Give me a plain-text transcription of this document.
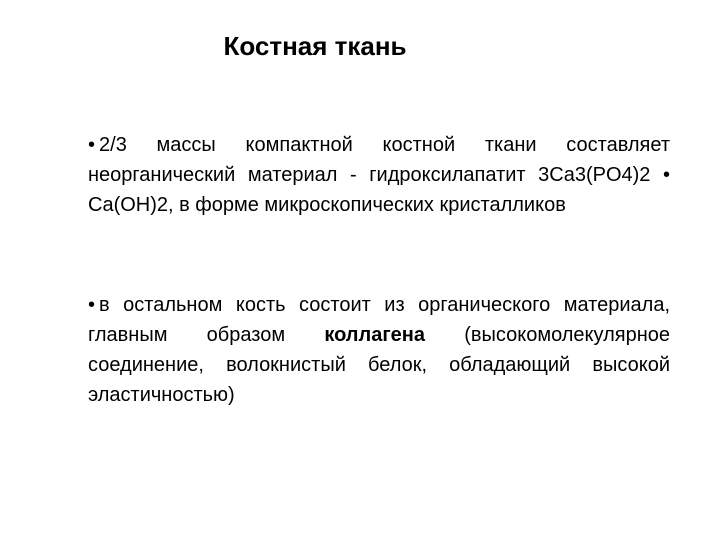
Костная ткань
• 2/3 массы компактной костной ткани составляет неорганический материал - гидроксилапатит 3Ca3(PO4)2 • Ca(OH)2, в форме микроскопических кристалликов
• в остальном кость состоит из органического материала, главным образом коллагена (высокомолекулярное соединение, волокнистый белок, обладающий высокой эластичностью)
